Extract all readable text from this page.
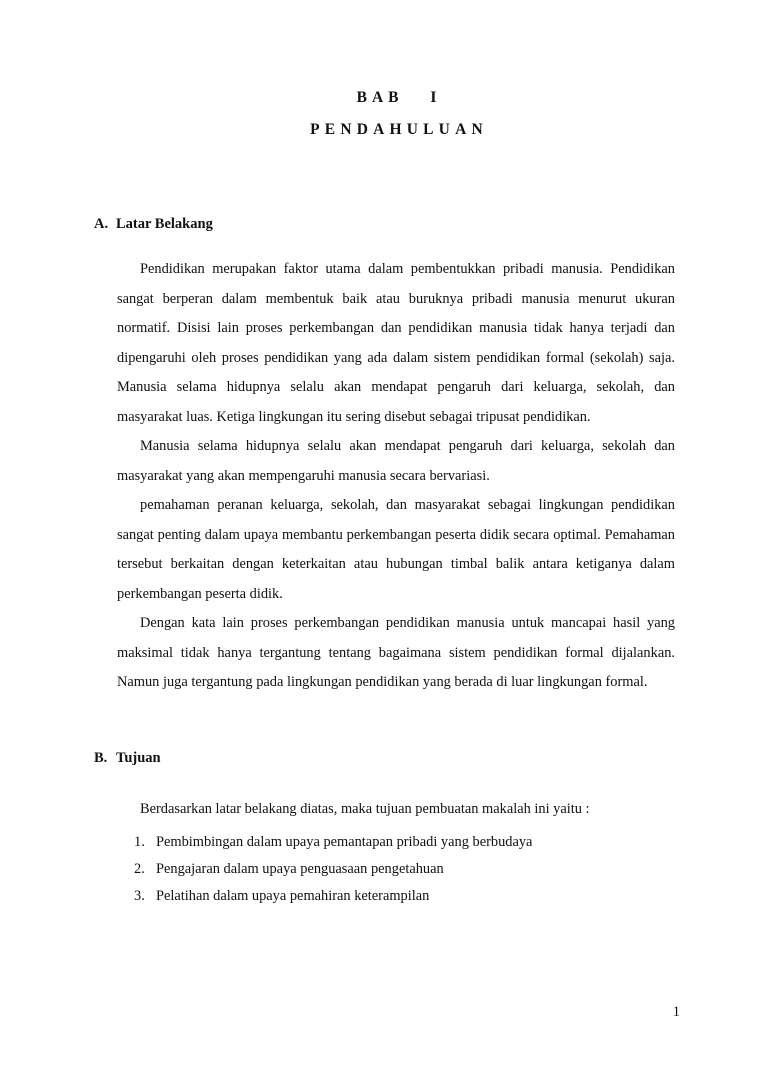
BAB I
PENDAHULUAN
A. Latar Belakang

Pendidikan merupakan faktor utama dalam pembentukkan pribadi manusia. Pendidikan sangat berperan dalam membentuk baik atau buruknya pribadi manusia menurut ukuran normatif. Disisi lain proses perkembangan dan pendidikan manusia tidak hanya terjadi dan dipengaruhi oleh proses pendidikan yang ada dalam sistem pendidikan formal (sekolah) saja. Manusia selama hidupnya selalu akan mendapat pengaruh dari keluarga, sekolah, dan masyarakat luas. Ketiga lingkungan itu sering disebut sebagai tripusat pendidikan.

Manusia selama hidupnya selalu akan mendapat pengaruh dari keluarga, sekolah dan masyarakat yang akan mempengaruhi manusia secara bervariasi.

pemahaman peranan keluarga, sekolah, dan masyarakat sebagai lingkungan pendidikan sangat penting dalam upaya membantu perkembangan peserta didik secara optimal. Pemahaman tersebut berkaitan dengan keterkaitan atau hubungan timbal balik antara ketiganya dalam perkembangan peserta didik.

Dengan kata lain proses perkembangan pendidikan manusia untuk mancapai hasil yang maksimal tidak hanya tergantung tentang bagaimana sistem pendidikan formal dijalankan. Namun juga tergantung pada lingkungan pendidikan yang berada di luar lingkungan formal.

B. Tujuan
Berdasarkan latar belakang diatas, maka tujuan pembuatan makalah ini yaitu :
1. Pembimbingan dalam upaya pemantapan pribadi yang berbudaya
2. Pengajaran dalam upaya penguasaan pengetahuan
3. Pelatihan dalam upaya pemahiran keterampilan
1
